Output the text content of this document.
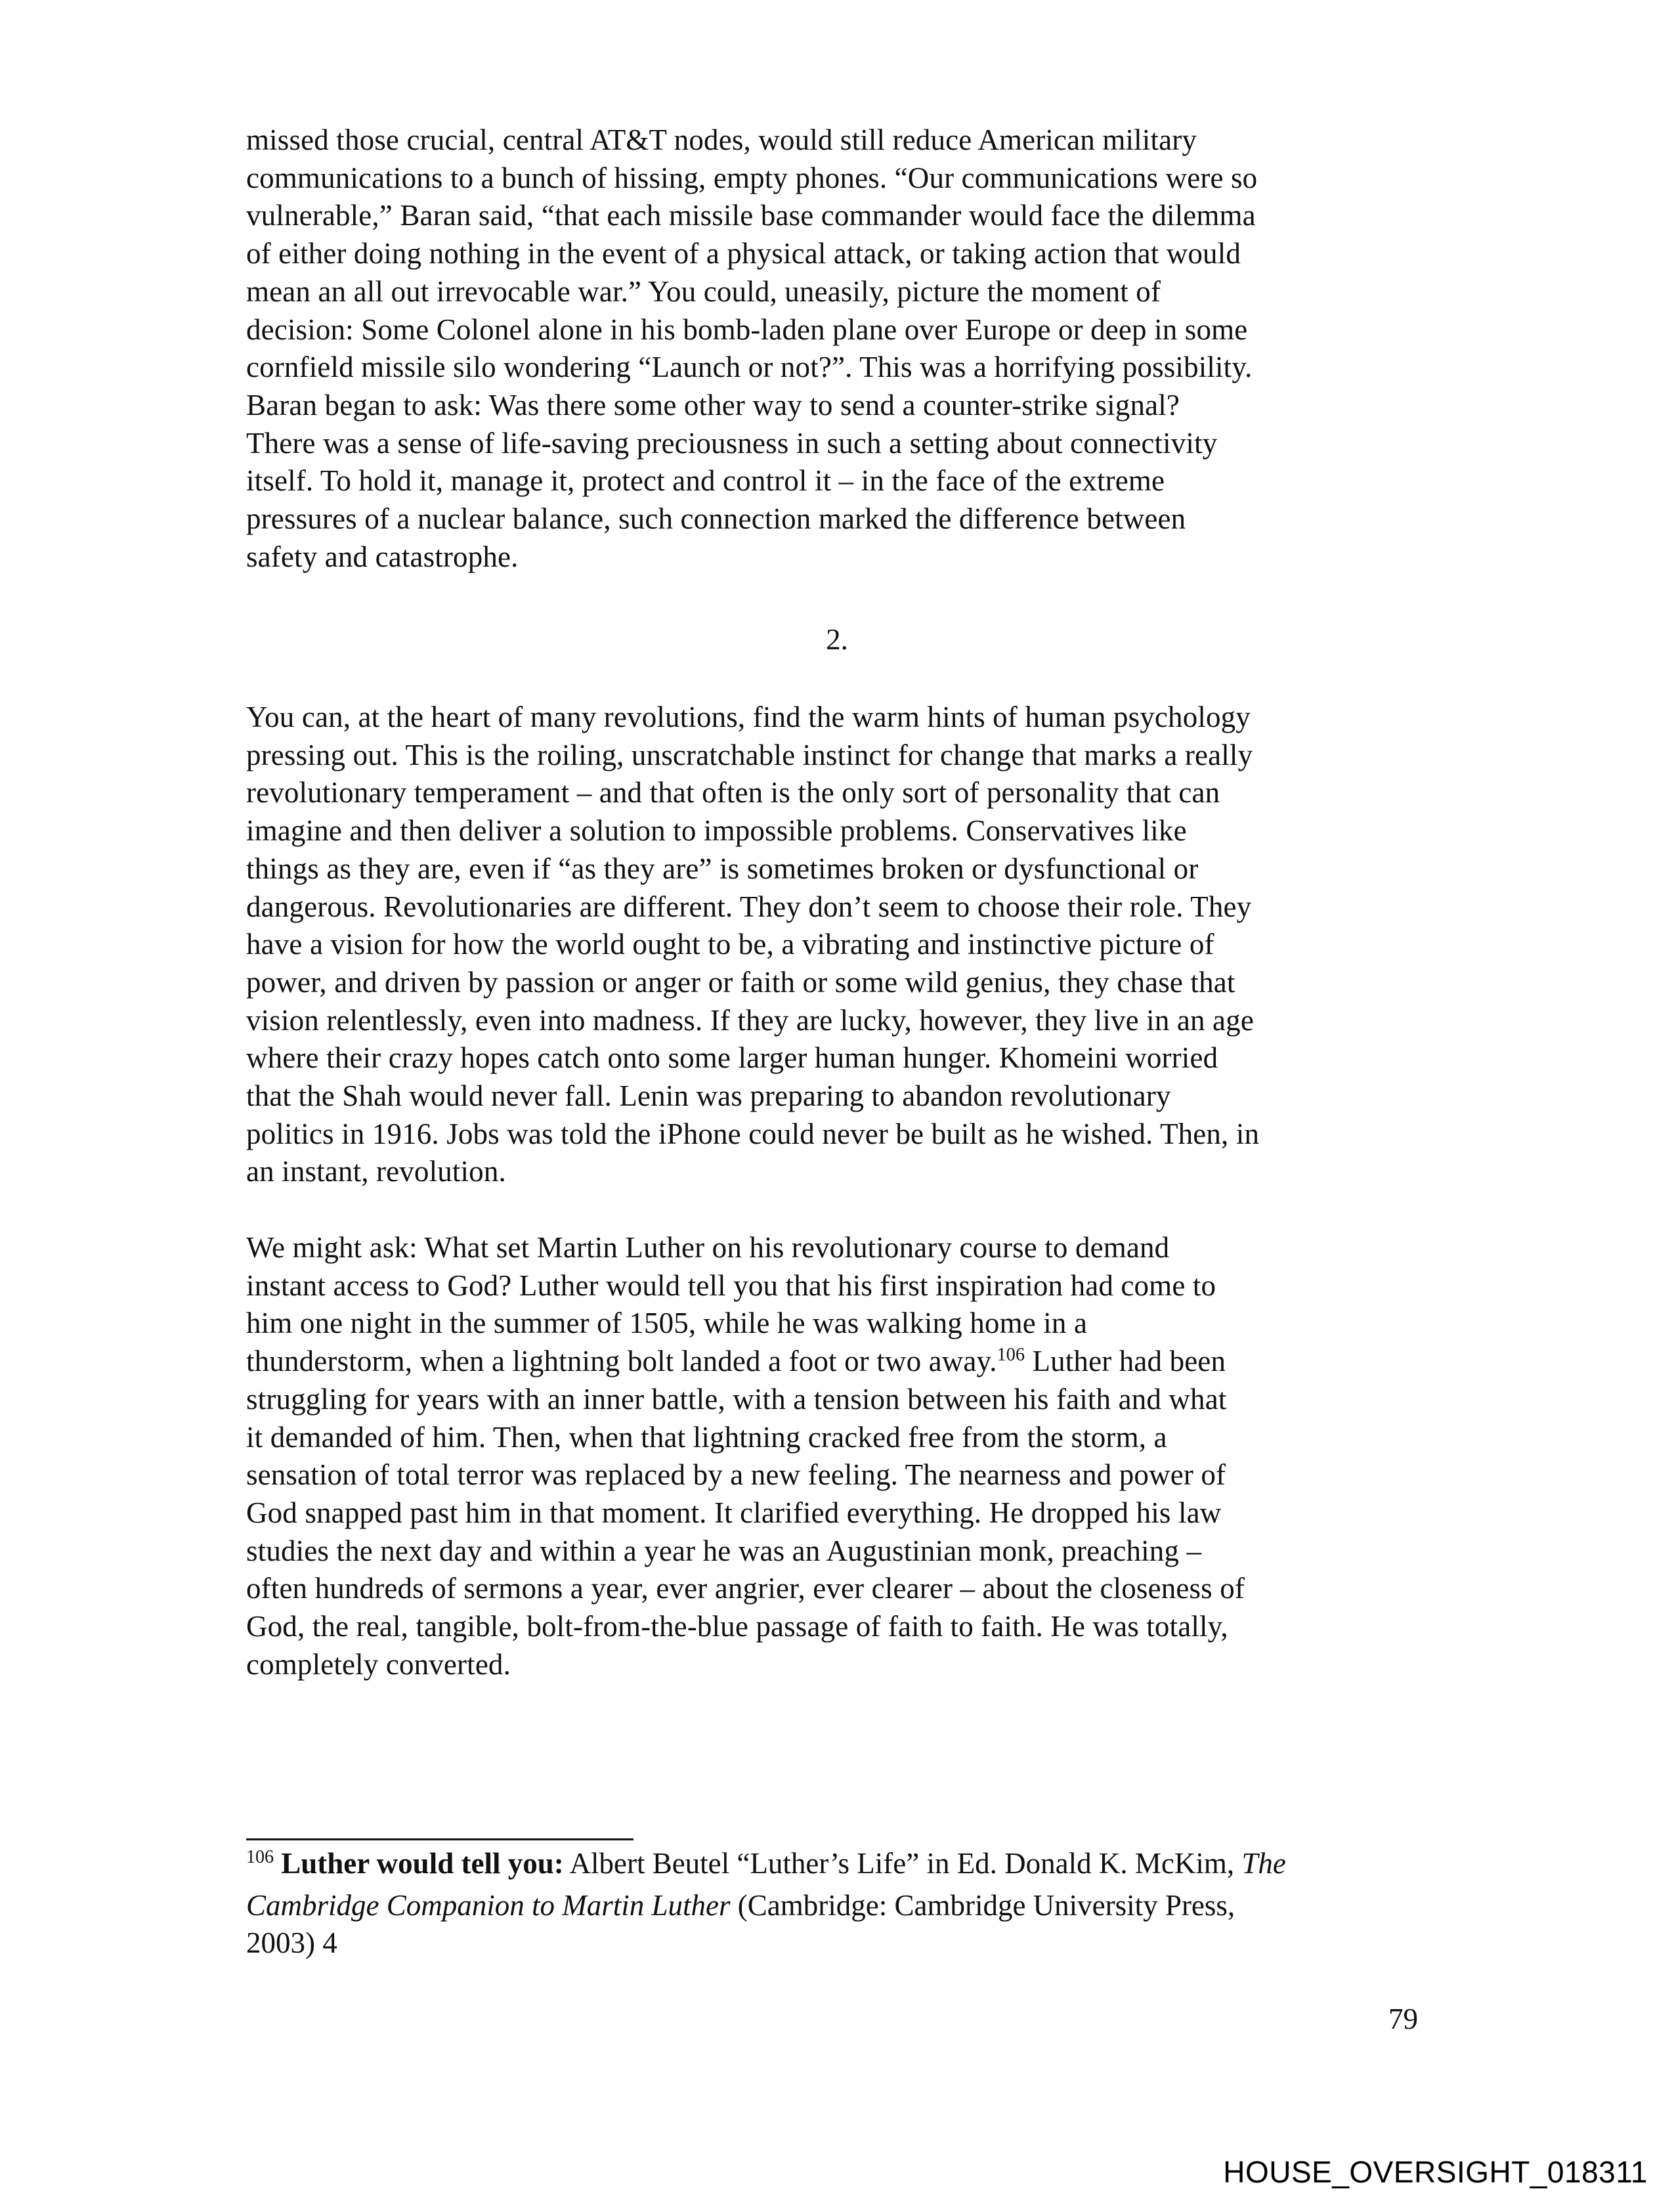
missed those crucial, central AT&T nodes, would still reduce American military
communications to a bunch of hissing, empty phones. “Our communications were so
vulnerable,” Baran said, “that each missile base commander would face the dilemma
of either doing nothing in the event of a physical attack, or taking action that would
mean an all out irrevocable war.” You could, uneasily, picture the moment of
decision: Some Colonel alone in his bomb-laden plane over Europe or deep in some
cornfield missile silo wondering “Launch or not?”. This was a horrifying possibility.
Baran began to ask: Was there some other way to send a counter-strike signal?
There was a sense of life-saving preciousness in such a setting about connectivity
itself. To hold it, manage it, protect and control it – in the face of the extreme
pressures of a nuclear balance, such connection marked the difference between
safety and catastrophe.
2.
You can, at the heart of many revolutions, find the warm hints of human psychology
pressing out. This is the roiling, unscratchable instinct for change that marks a really
revolutionary temperament – and that often is the only sort of personality that can
imagine and then deliver a solution to impossible problems. Conservatives like
things as they are, even if “as they are” is sometimes broken or dysfunctional or
dangerous. Revolutionaries are different. They don’t seem to choose their role. They
have a vision for how the world ought to be, a vibrating and instinctive picture of
power, and driven by passion or anger or faith or some wild genius, they chase that
vision relentlessly, even into madness. If they are lucky, however, they live in an age
where their crazy hopes catch onto some larger human hunger. Khomeini worried
that the Shah would never fall. Lenin was preparing to abandon revolutionary
politics in 1916. Jobs was told the iPhone could never be built as he wished. Then, in
an instant, revolution.
We might ask: What set Martin Luther on his revolutionary course to demand
instant access to God? Luther would tell you that his first inspiration had come to
him one night in the summer of 1505, while he was walking home in a
thunderstorm, when a lightning bolt landed a foot or two away.$^{106}$ Luther had been
struggling for years with an inner battle, with a tension between his faith and what
it demanded of him. Then, when that lightning cracked free from the storm, a
sensation of total terror was replaced by a new feeling. The nearness and power of
God snapped past him in that moment. It clarified everything. He dropped his law
studies the next day and within a year he was an Augustinian monk, preaching –
often hundreds of sermons a year, ever angrier, ever clearer – about the closeness of
God, the real, tangible, bolt-from-the-blue passage of faith to faith. He was totally,
completely converted.
$^{106}$ Luther would tell you: Albert Beutel “Luther’s Life” in Ed. Donald K. McKim, The
Cambridge Companion to Martin Luther (Cambridge: Cambridge University Press,
2003) 4
79
HOUSE_OVERSIGHT_018311
